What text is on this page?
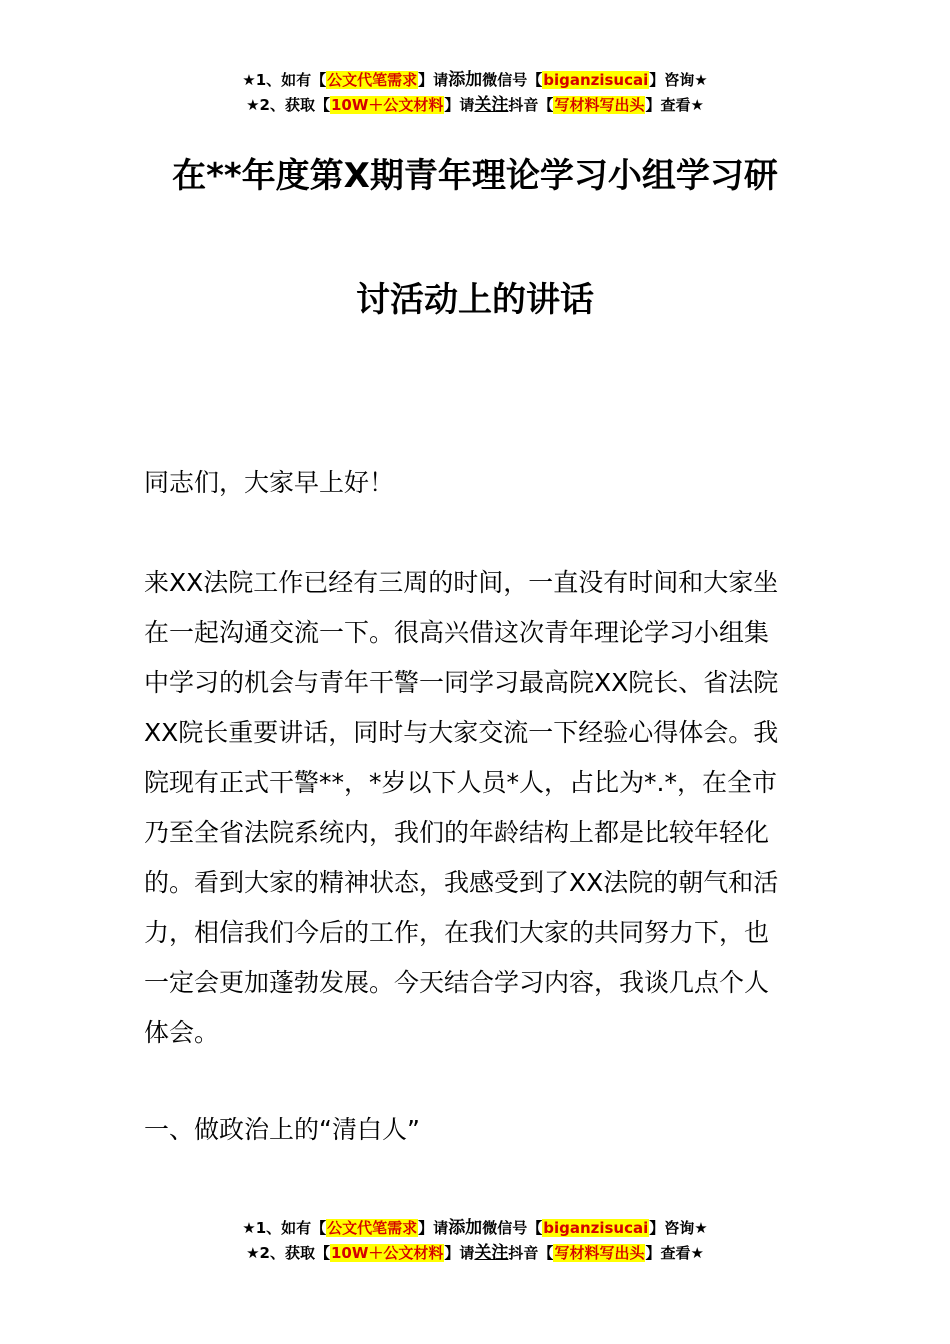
★1、如有【公文代笔需求】请添加微信号【biganzisucai】咨询★
★2、获取【10W＋公文材料】请关注抖音【写材料写出头】查看★
在**年度第X期青年理论学习小组学习研
讨活动上的讲话

同志们，大家早上好！

来XX法院工作已经有三周的时间，一直没有时间和大家坐
在一起沟通交流一下。很高兴借这次青年理论学习小组集
中学习的机会与青年干警一同学习最高院XX院长、省法院
XX院长重要讲话，同时与大家交流一下经验心得体会。我
院现有正式干警**，*岁以下人员*人，占比为*.*，在全市
乃至全省法院系统内，我们的年龄结构上都是比较年轻化
的。看到大家的精神状态，我感受到了XX法院的朝气和活
力，相信我们今后的工作，在我们大家的共同努力下，也
一定会更加蓬勃发展。今天结合学习内容，我谈几点个人
体会。

一、做政治上的“清白人”

★1、如有【公文代笔需求】请添加微信号【biganzisucai】咨询★
★2、获取【10W＋公文材料】请关注抖音【写材料写出头】查看★
